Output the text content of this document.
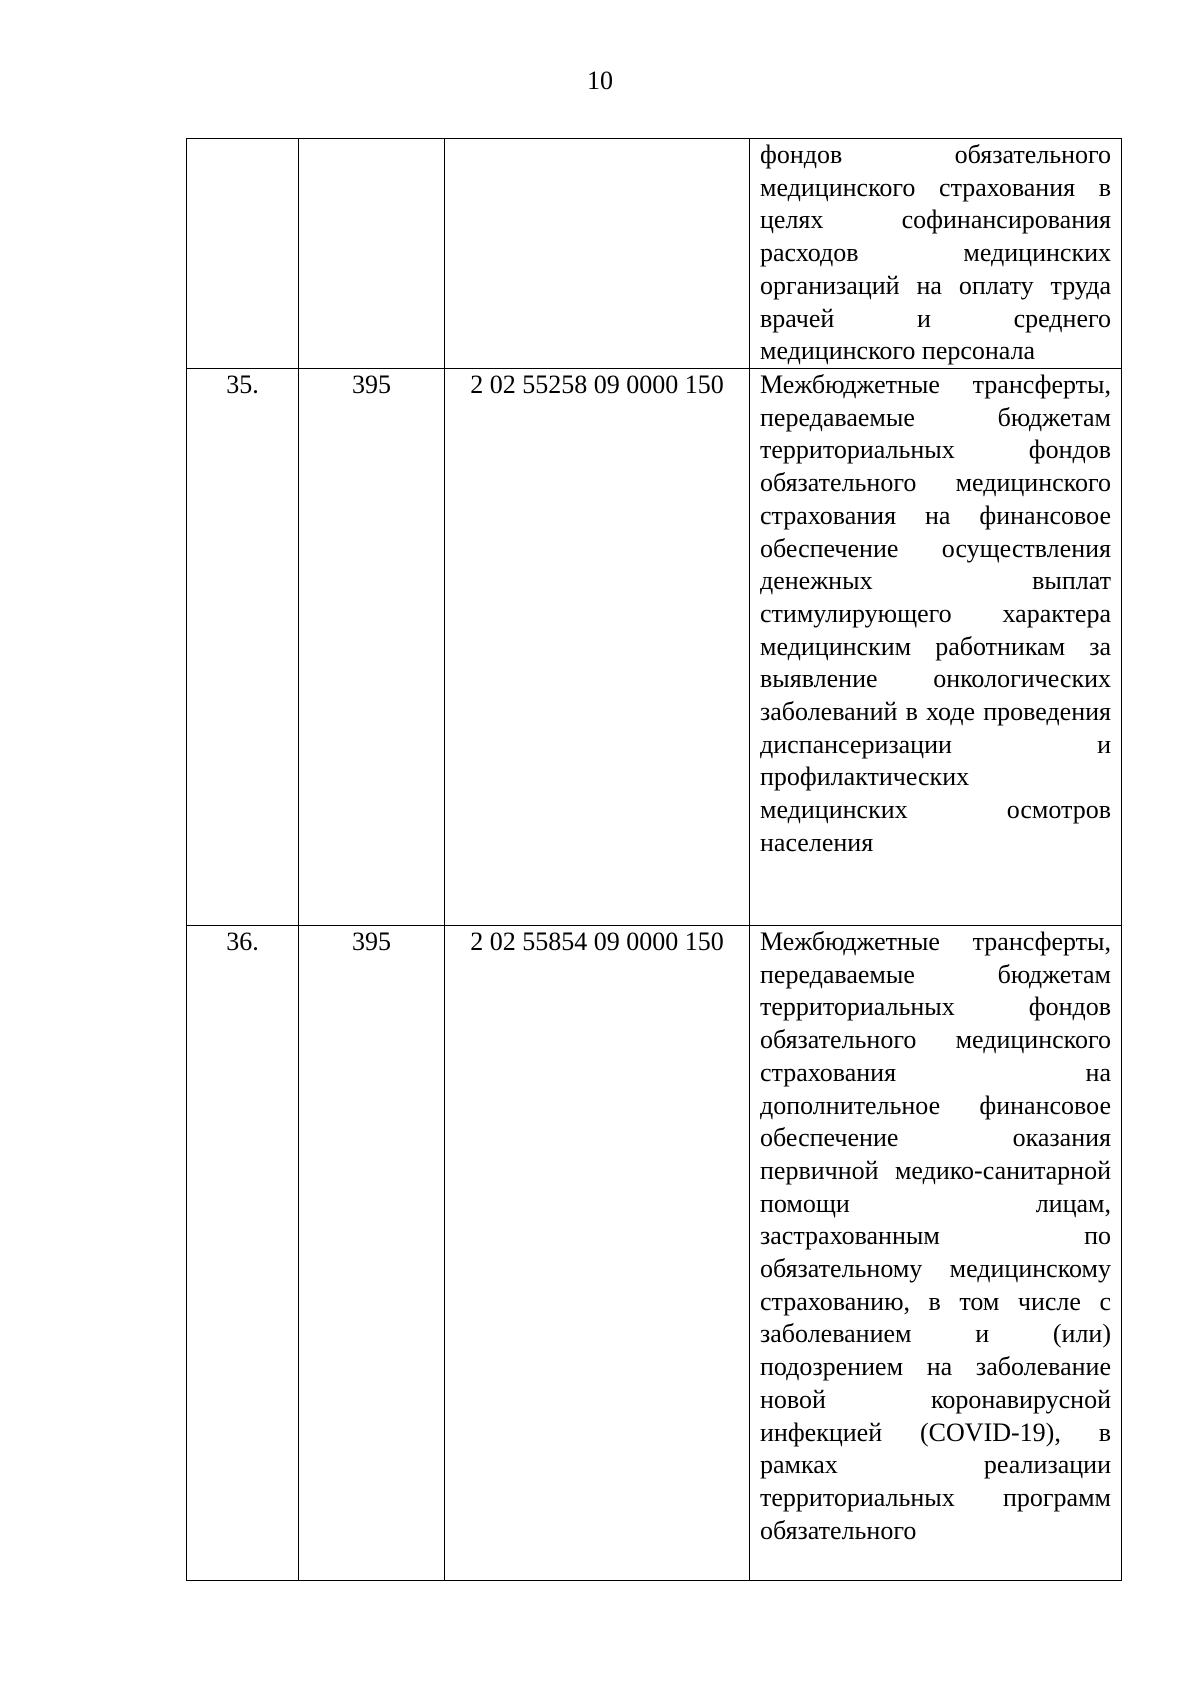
10

			фондов обязательного медицинского страхования в целях софинансирования расходов медицинских организаций на оплату труда врачей и среднего медицинского персонала

35.	395	2 02 55258 09 0000 150	Межбюджетные трансферты, передаваемые бюджетам территориальных фондов обязательного медицинского страхования на финансовое обеспечение осуществления денежных выплат стимулирующего характера медицинским работникам за выявление онкологических заболеваний в ходе проведения диспансеризации и профилактических медицинских осмотров населения

36.	395	2 02 55854 09 0000 150	Межбюджетные трансферты, передаваемые бюджетам территориальных фондов обязательного медицинского страхования на дополнительное финансовое обеспечение оказания первичной медико-санитарной помощи лицам, застрахованным по обязательному медицинскому страхованию, в том числе с заболеванием и (или) подозрением на заболевание новой коронавирусной инфекцией (COVID-19), в рамках реализации территориальных программ обязательного
